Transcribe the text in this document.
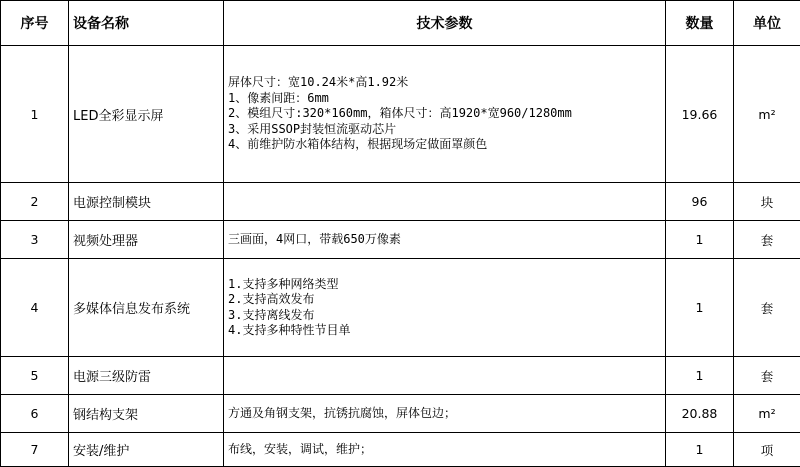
序号	设备名称	技术参数	数量	单位
1	LED全彩显示屏	屏体尺寸：宽10.24米*高1.92米
1、像素间距：6mm
2、模组尺寸:320*160mm，箱体尺寸：高1920*宽960/1280mm
3、采用SSOP封装恒流驱动芯片
4、前维护防水箱体结构，根据现场定做面罩颜色	19.66	m²
2	电源控制模块		96	块
3	视频处理器	三画面，4网口，带载650万像素	1	套
4	多媒体信息发布系统	1.支持多种网络类型
2.支持高效发布
3.支持离线发布
4.支持多种特性节目单	1	套
5	电源三级防雷		1	套
6	钢结构支架	方通及角钢支架，抗锈抗腐蚀，屏体包边；	20.88	m²
7	安装/维护	布线，安装，调试，维护；	1	项
